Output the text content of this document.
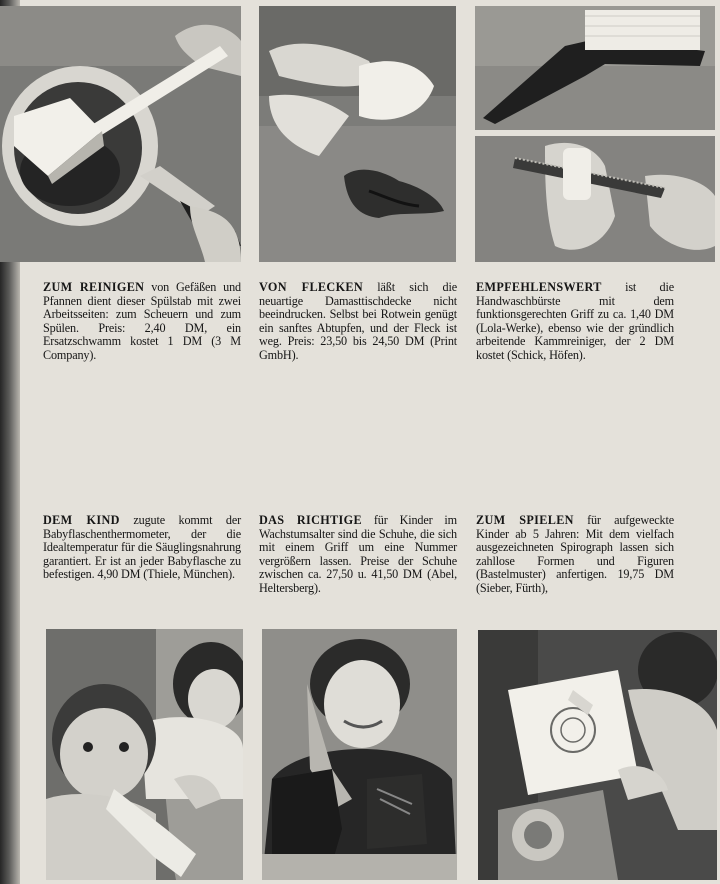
ZUM REINIGEN von Gefäßen und Pfannen dient dieser Spülstab mit zwei Arbeitsseiten: zum Scheuern und zum Spülen. Preis: 2,40 DM, ein Ersatzschwamm kostet 1 DM (3 M Company).
VON FLECKEN läßt sich die neuartige Damasttischdecke nicht beeindrucken. Selbst bei Rotwein genügt ein sanftes Abtupfen, und der Fleck ist weg. Preis: 23,50 bis 24,50 DM (Print GmbH).
EMPFEHLENSWERT ist die Handwaschbürste mit dem funktionsgerechten Griff zu ca. 1,40 DM (Lola-Werke), ebenso wie der gründlich arbeitende Kammreiniger, der 2 DM kostet (Schick, Höfen).
DEM KIND zugute kommt der Babyflaschenthermometer, der die Idealtemperatur für die Säuglingsnahrung garantiert. Er ist an jeder Babyflasche zu befestigen. 4,90 DM (Thiele, München).
DAS RICHTIGE für Kinder im Wachstumsalter sind die Schuhe, die sich mit einem Griff um eine Nummer vergrößern lassen. Preise der Schuhe zwischen ca. 27,50 u. 41,50 DM (Abel, Heltersberg).
ZUM SPIELEN für aufgeweckte Kinder ab 5 Jahren: Mit dem vielfach ausgezeichneten Spirograph lassen sich zahllose Formen und Figuren (Bastelmuster) anfertigen. 19,75 DM (Sieber, Fürth),
